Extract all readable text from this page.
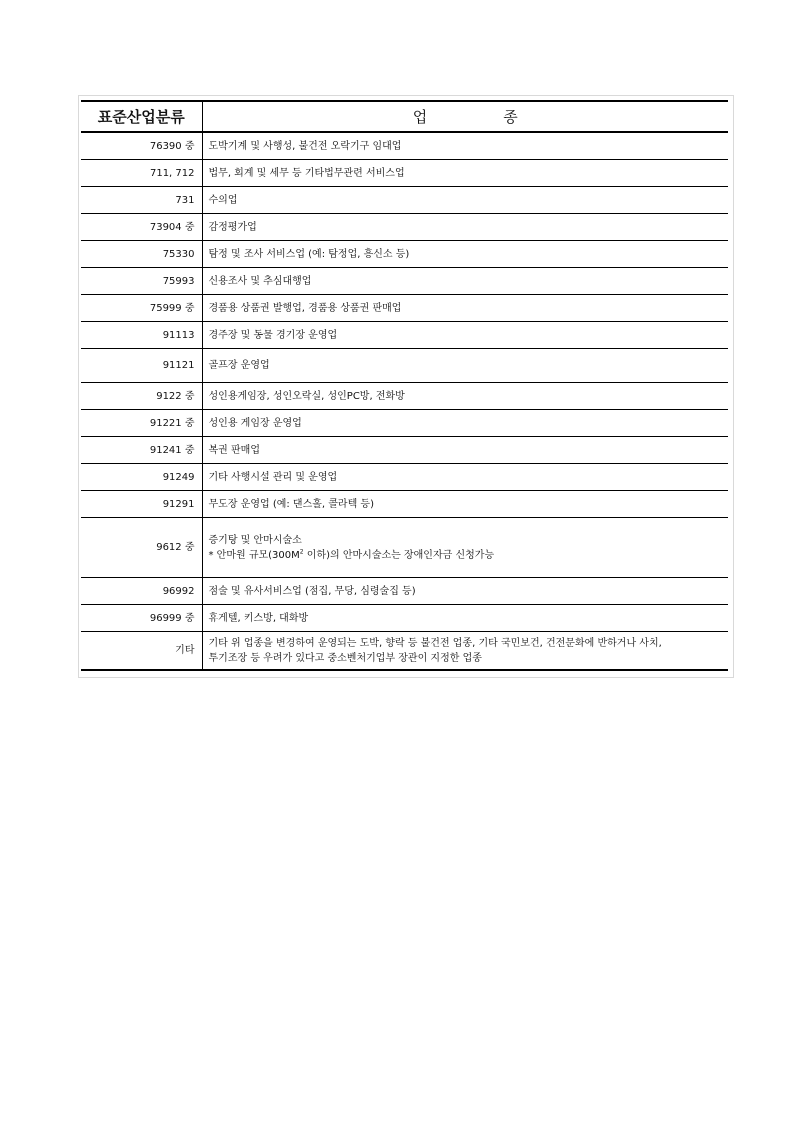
표준산업분류	업 종
76390 중	도박기계 및 사행성, 불건전 오락기구 임대업
711, 712	법무, 회계 및 세무 등 기타법무관련 서비스업
731	수의업
73904 중	감정평가업
75330	탐정 및 조사 서비스업 (예: 탐정업, 흥신소 등)
75993	신용조사 및 추심대행업
75999 중	경품용 상품권 발행업, 경품용 상품권 판매업
91113	경주장 및 동물 경기장 운영업
91121	골프장 운영업
9122 중	성인용게임장, 성인오락실, 성인PC방, 전화방
91221 중	성인용 게임장 운영업
91241 중	복권 판매업
91249	기타 사행시설 관리 및 운영업
91291	무도장 운영업 (예: 댄스홀, 콜라텍 등)
9612 중	증기탕 및 안마시술소
* 안마원 규모($300M^2$ 이하)의 안마시술소는 장애인자금 신청가능

96992	점술 및 유사서비스업 (점집, 무당, 심령술집 등)
96999 중	휴게텔, 키스방, 대화방
기타	기타 위 업종을 변경하여 운영되는 도박, 향락 등 불건전 업종, 기타 국민보건, 건전문화에 반하거나 사치,
투기조장 등 우려가 있다고 중소벤처기업부 장관이 지정한 업종
